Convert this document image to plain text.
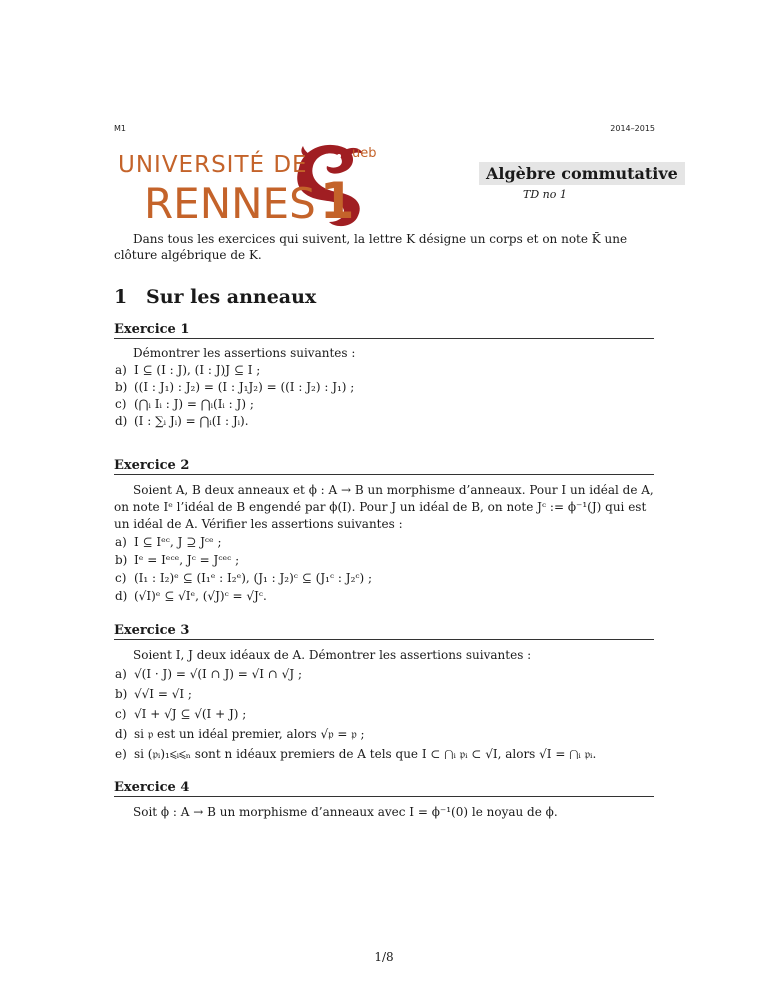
M1	2014–2015
UNIVERSITÉ DE
RENNES1
ueb
Algèbre commutative
TD no 1
Dans tous les exercices qui suivent, la lettre K désigne un corps et on note K̄ une clôture algébrique de K.
1 Sur les anneaux
Exercice 1

Démontrer les assertions suivantes :

a) I ⊆ (I : J), (I : J)J ⊆ I ;
b) ((I : J₁) : J₂) = (I : J₁J₂) = ((I : J₂) : J₁) ;
c) (⋂ᵢ Iᵢ : J) = ⋂ᵢ(Iᵢ : J) ;
d) (I : ∑ᵢ Jᵢ) = ⋂ᵢ(I : Jᵢ).
Exercice 2

Soient A, B deux anneaux et ϕ : A → B un morphisme d’anneaux. Pour I un idéal de A, on note Iᵉ l’idéal de B engendé par ϕ(I). Pour J un idéal de B, on note Jᶜ := ϕ⁻¹(J) qui est un idéal de A. Vérifier les assertions suivantes :

a) I ⊆ Iᵉᶜ, J ⊇ Jᶜᵉ ;
b) Iᵉ = Iᵉᶜᵉ, Jᶜ = Jᶜᵉᶜ ;
c) (I₁ : I₂)ᵉ ⊆ (I₁ᵉ : I₂ᵉ), (J₁ : J₂)ᶜ ⊆ (J₁ᶜ : J₂ᶜ) ;
d) (√I)ᵉ ⊆ √Iᵉ, (√J)ᶜ = √Jᶜ.
Exercice 3

Soient I, J deux idéaux de A. Démontrer les assertions suivantes :

a) √(I · J) = √(I ∩ J) = √I ∩ √J ;
b) √√I = √I ;
c) √I + √J ⊆ √(I + J) ;
d) si 𝔭 est un idéal premier, alors √𝔭 = 𝔭 ;
e) si (𝔭ᵢ)₁⩽ᵢ⩽ₙ sont n idéaux premiers de A tels que I ⊂ ⋂ᵢ 𝔭ᵢ ⊂ √I, alors √I = ⋂ᵢ 𝔭ᵢ.
Exercice 4

Soit ϕ : A → B un morphisme d’anneaux avec I = ϕ⁻¹(0) le noyau de ϕ.

1/8
